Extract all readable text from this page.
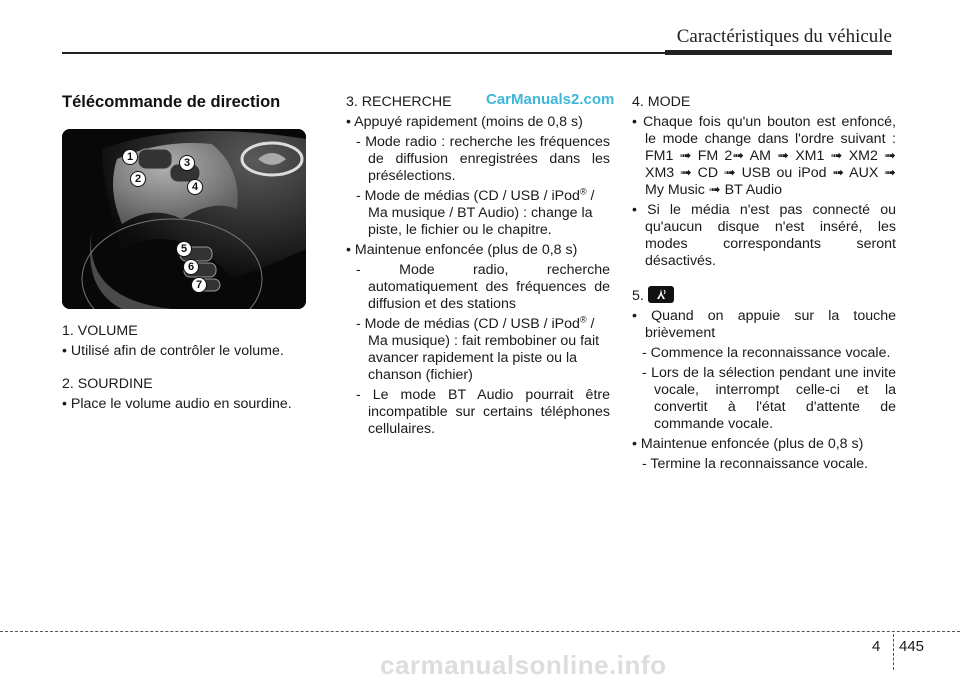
Caractéristiques du véhicule
CarManuals2.com
Télécommande de direction
1
2
3
4
5
6
7

1. VOLUME

• Utilisé afin de contrôler le volume.

2. SOURDINE

• Place le volume audio en sourdine.

3. RECHERCHE

• Appuyé rapidement (moins de 0,8 s)

- Mode radio : recherche les fréquences de diffusion enregistrées dans les présélections.

- Mode de médias (CD / USB / iPod® / Ma musique / BT Audio) : change la piste, le fichier ou le chapitre.

• Maintenue enfoncée (plus de 0,8 s)

- Mode radio, recherche automatiquement des fréquences de diffusion et des stations

- Mode de médias (CD / USB / iPod® / Ma musique) : fait rembobiner ou fait avancer rapidement la piste ou la chanson (fichier)

- Le mode BT Audio pourrait être incompatible sur certains téléphones cellulaires.

4. MODE

• Chaque fois qu'un bouton est enfoncé, le mode change dans l'ordre suivant : FM1 ➟ FM 2➟ AM ➟ XM1 ➟ XM2 ➟ XM3 ➟ CD ➟ USB ou iPod ➟ AUX ➟ My Music ➟ BT Audio

• Si le média n'est pas connecté ou qu'aucun disque n'est inséré, les modes correspondants seront désactivés.

5.

• Quand on appuie sur la touche brièvement

- Commence la reconnaissance vocale.

- Lors de la sélection pendant une invite vocale, interrompt celle-ci et la convertit à l'état d'attente de commande vocale.

• Maintenue enfoncée (plus de 0,8 s)

- Termine la reconnaissance vocale.

4 445
carmanualsonline.info
